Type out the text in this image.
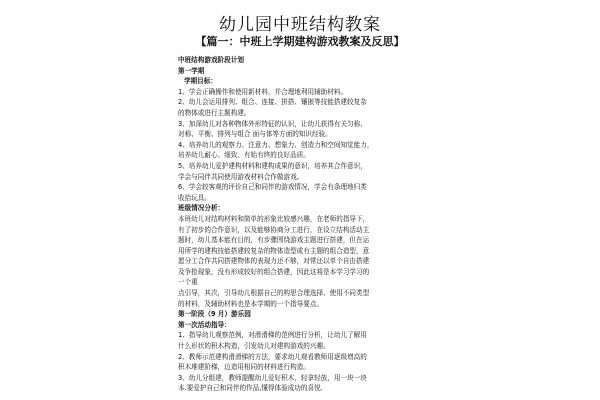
幼儿园中班结构教案
【篇一：中班上学期建构游戏教案及反思】
中班结构游戏阶段计划
第一学期
学期目标：
1、学会正确操作和使用新材料，并合理地利用辅助材料。
2、幼儿会运用排列、组合、连接、拼搭、镶嵌等技能搭建较复杂
的物体或进行主题构建。
3、加深幼儿对各种物体外形特征的认识，让幼儿获得有关匀称、
对称、平衡、排列与组合 面与体等方面的知识经验。
4、培养幼儿的观察力、注意力、想象力、创造力和空间知觉能力，
培养幼儿耐心、细致、有始有终的良好品质。
5、培养幼儿爱护建构材料和建构成果的意识，培养其合作意识，
学会与同伴共同使用游戏材料合作做游戏。
6、学会较客观的评价自己和同伴的游戏情况，学会有条理地归类
收拾玩具。
班级情况分析：
本班幼儿对结构材料和简单的形象比较感兴趣，在老师的指导下，
有了初步的合作意识，以及能够协商分工进行，在设立结构活动主
题时，幼儿基本能有目的，有步骤围绕游戏主题进行搭建，但在运
用所学的建构技能搭建较复杂的物体造型或有主题的组合造型，意
愿分工合作共同搭建物体的表现力还不够，对常还以单个自由搭建
及争抢现象，没有形成较好的组合搭建，因此这将是本学习学习的
一个重
点引导，其次，引导幼儿根据自己的构思合理选择、使用不同类型
的材料，及辅助材料也是本学期的一个指导要点。
第一阶段（9 月）游乐园
第一次活动指导：
1、指导幼儿观察范例，对滑滑梯的范例进行分析，让幼儿了解用
什么形状的积木构造，引发幼儿对建构游戏的兴趣。
2、教师示范建构滑滑梯的方法，要求幼儿观看教师用逐级增高的
积木堆建阶梯，边造用相同的材料进行构造。
3、幼儿分组建，教师提醒幼儿爱好积木，轻拿轻放，用一块一块
本.要爱护自己和同伴的作品,懂得体验成功的喜悦.
